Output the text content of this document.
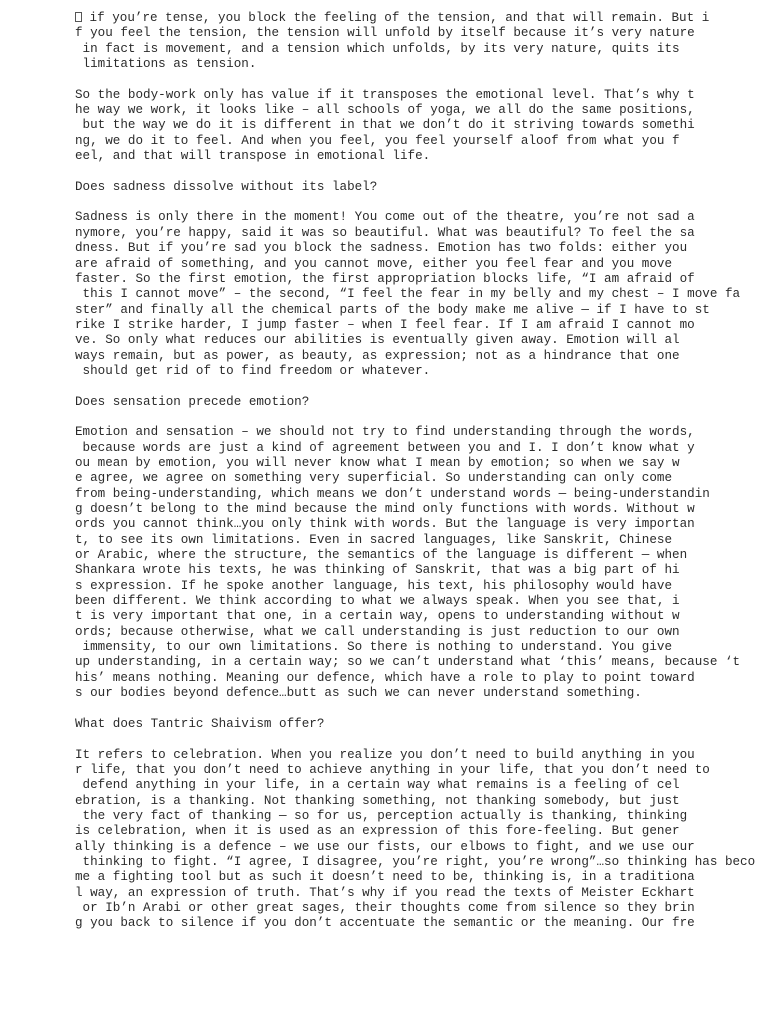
if you’re tense, you block the feeling of the tension, and that will remain. But i
f you feel the tension, the tension will unfold by itself because it’s very nature
in fact is movement, and a tension which unfolds, by its very nature, quits its
limitations as tension.
So the body-work only has value if it transposes the emotional level. That’s why t
he way we work, it looks like – all schools of yoga, we all do the same positions,
but the way we do it is different in that we don’t do it striving towards somethi
ng, we do it to feel. And when you feel, you feel yourself aloof from what you f
eel, and that will transpose in emotional life.
Does sadness dissolve without its label?
Sadness is only there in the moment! You come out of the theatre, you’re not sad a
nymore, you’re happy, said it was so beautiful. What was beautiful? To feel the sa
dness. But if you’re sad you block the sadness. Emotion has two folds: either you
are afraid of something, and you cannot move, either you feel fear and you move
faster. So the first emotion, the first appropriation blocks life, “I am afraid of
this I cannot move” – the second, “I feel the fear in my belly and my chest – I move fa
ster” and finally all the chemical parts of the body make me alive — if I have to st
rike I strike harder, I jump faster – when I feel fear. If I am afraid I cannot mo
ve. So only what reduces our abilities is eventually given away. Emotion will al
ways remain, but as power, as beauty, as expression; not as a hindrance that one
should get rid of to find freedom or whatever.
Does sensation precede emotion?
Emotion and sensation – we should not try to find understanding through the words,
because words are just a kind of agreement between you and I. I don’t know what y
ou mean by emotion, you will never know what I mean by emotion; so when we say w
e agree, we agree on something very superficial. So understanding can only come
from being-understanding, which means we don’t understand words — being-understandin
g doesn’t belong to the mind because the mind only functions with words. Without w
ords you cannot think…you only think with words. But the language is very importan
t, to see its own limitations. Even in sacred languages, like Sanskrit, Chinese
or Arabic, where the structure, the semantics of the language is different — when
Shankara wrote his texts, he was thinking of Sanskrit, that was a big part of hi
s expression. If he spoke another language, his text, his philosophy would have
been different. We think according to what we always speak. When you see that, i
t is very important that one, in a certain way, opens to understanding without w
ords; because otherwise, what we call understanding is just reduction to our own
immensity, to our own limitations. So there is nothing to understand. You give
up understanding, in a certain way; so we can’t understand what ‘this’ means, because ‘t
his’ means nothing. Meaning our defence, which have a role to play to point toward
s our bodies beyond defence…butt as such we can never understand something.
What does Tantric Shaivism offer?
It refers to celebration. When you realize you don’t need to build anything in you
r life, that you don’t need to achieve anything in your life, that you don’t need to
defend anything in your life, in a certain way what remains is a feeling of cel
ebration, is a thanking. Not thanking something, not thanking somebody, but just
the very fact of thanking — so for us, perception actually is thanking, thinking
is celebration, when it is used as an expression of this fore-feeling. But gener
ally thinking is a defence – we use our fists, our elbows to fight, and we use our
thinking to fight. “I agree, I disagree, you’re right, you’re wrong”…so thinking has beco
me a fighting tool but as such it doesn’t need to be, thinking is, in a traditiona
l way, an expression of truth. That’s why if you read the texts of Meister Eckhart
or Ib’n Arabi or other great sages, their thoughts come from silence so they brin
g you back to silence if you don’t accentuate the semantic or the meaning. Our fre
